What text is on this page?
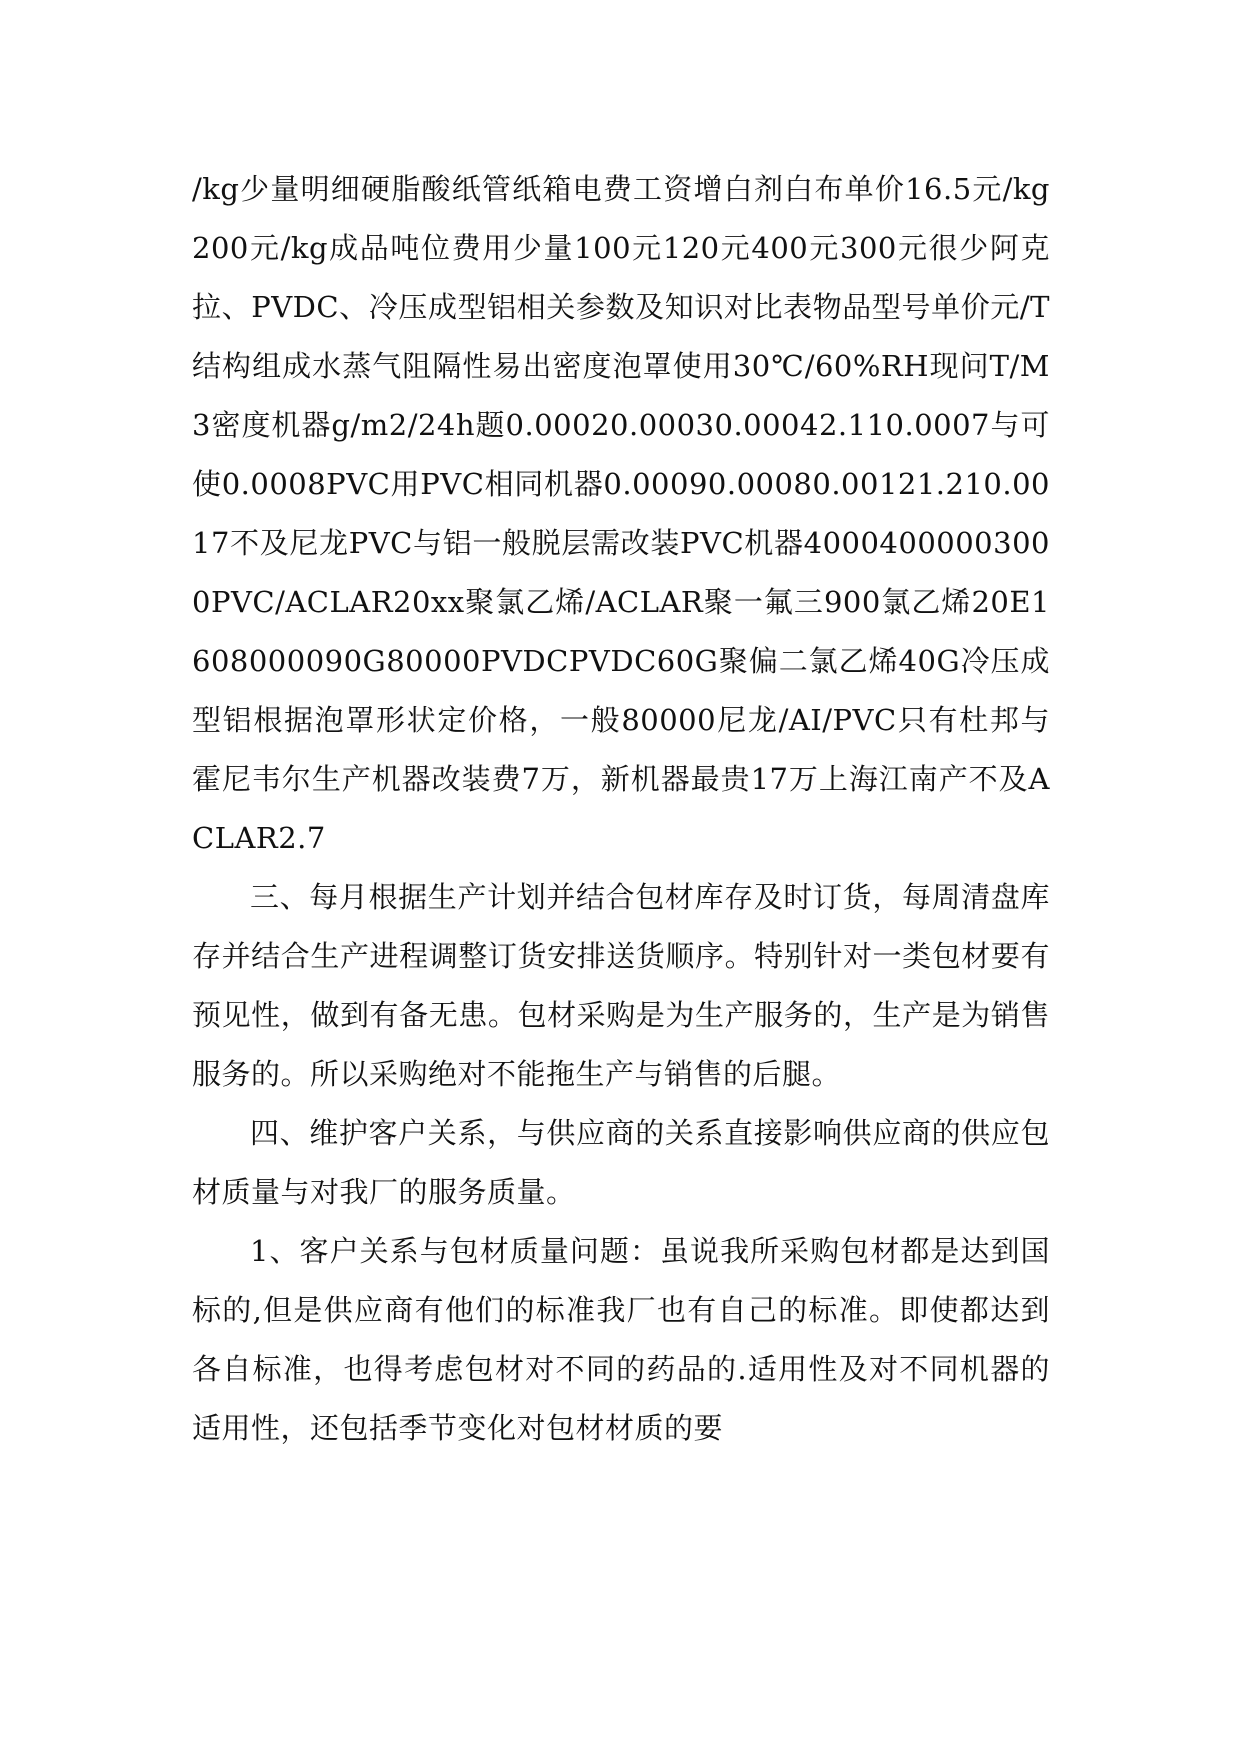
/kg少量明细硬脂酸纸管纸箱电费工资增白剂白布单价16.5元/kg200元/kg成品吨位费用少量100元120元400元300元很少阿克拉、PVDC、冷压成型铝相关参数及知识对比表物品型号单价元/T结构组成水蒸气阻隔性易出密度泡罩使用30℃/60%RH现问T/M3密度机器g/m2/24h题0.00020.00030.00042.110.0007与可使0.0008PVC用PVC相同机器0.00090.00080.00121.210.0017不及尼龙PVC与铝一般脱层需改装PVC机器40004000003000PVC/ACLAR20xx聚氯乙烯/ACLAR聚一氟三900氯乙烯20E1608000090G80000PVDCPVDC60G聚偏二氯乙烯40G冷压成型铝根据泡罩形状定价格，一般80000尼龙/AI/PVC只有杜邦与霍尼韦尔生产机器改装费7万，新机器最贵17万上海江南产不及ACLAR2.7

三、每月根据生产计划并结合包材库存及时订货，每周清盘库存并结合生产进程调整订货安排送货顺序。特别针对一类包材要有预见性，做到有备无患。包材采购是为生产服务的，生产是为销售服务的。所以采购绝对不能拖生产与销售的后腿。

四、维护客户关系，与供应商的关系直接影响供应商的供应包材质量与对我厂的服务质量。

1、客户关系与包材质量问题：虽说我所采购包材都是达到国标的,但是供应商有他们的标准我厂也有自己的标准。即使都达到各自标准，也得考虑包材对不同的药品的.适用性及对不同机器的适用性，还包括季节变化对包材材质的要
